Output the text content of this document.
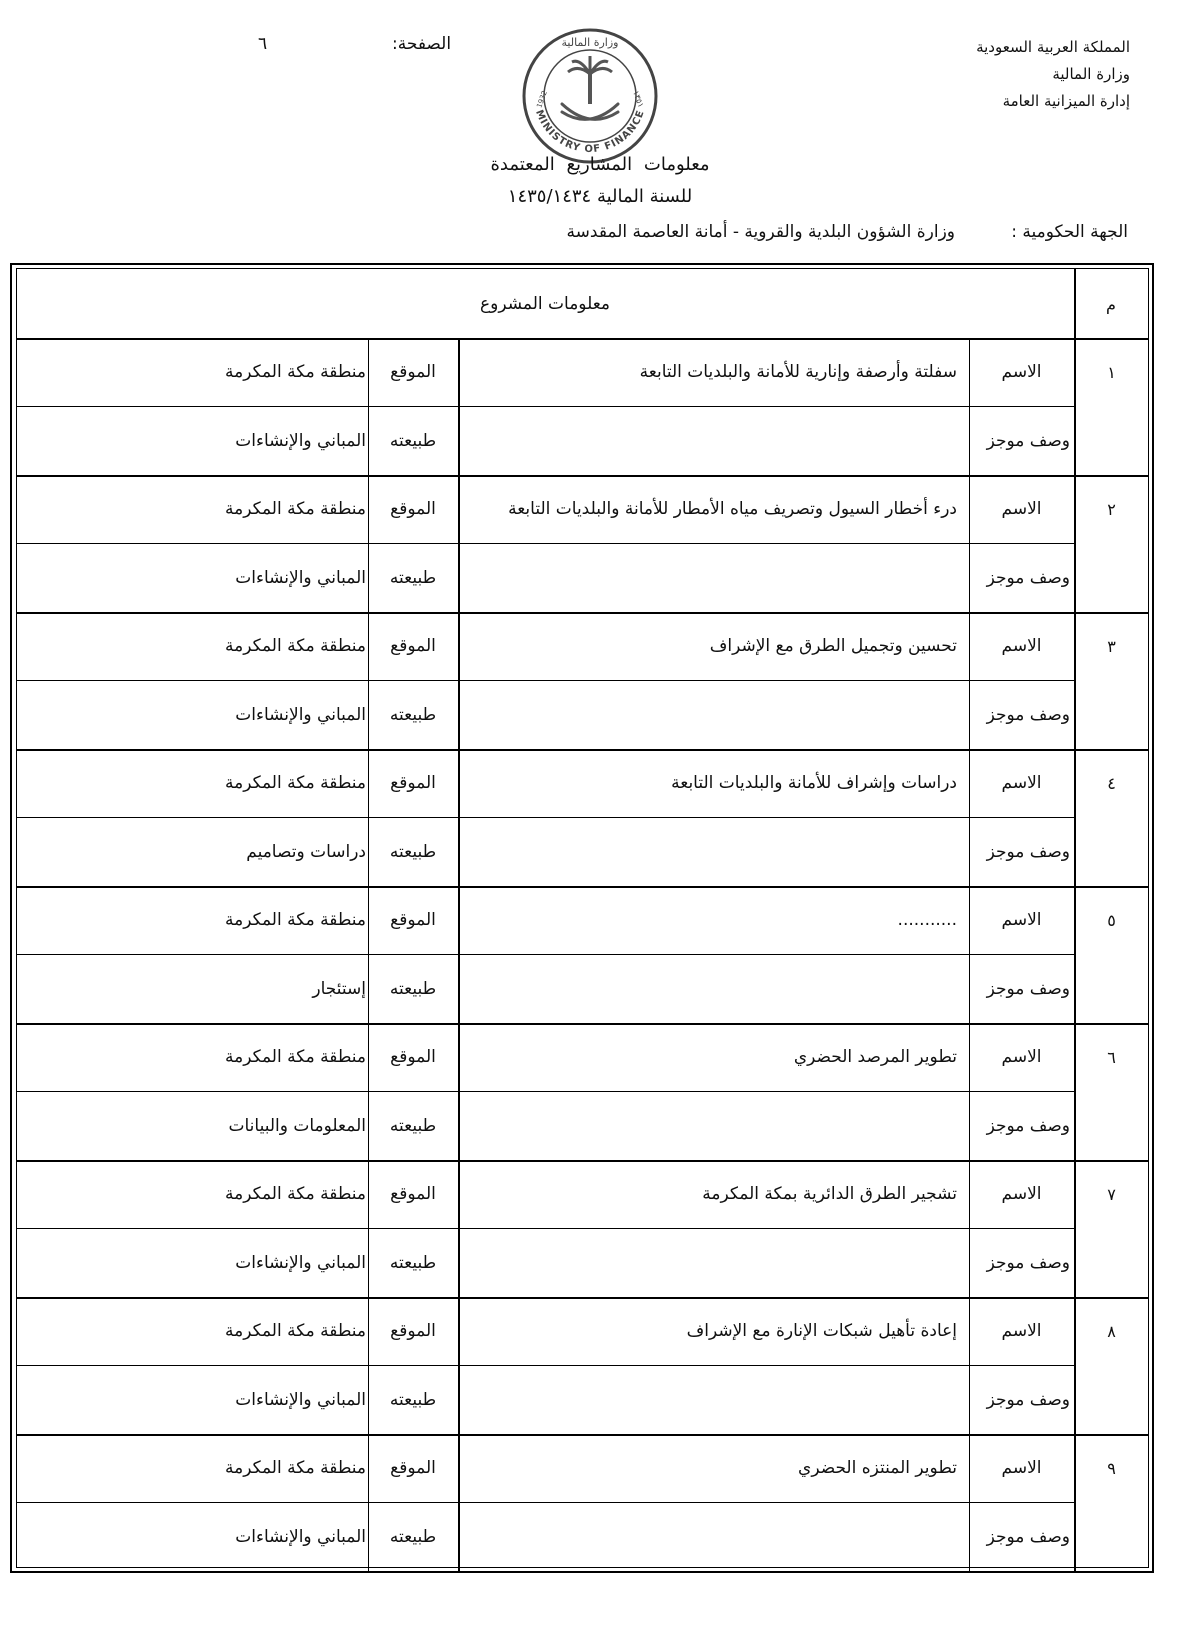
المملكة العربية السعودية
وزارة المالية
إدارة الميزانية العامة
الصفحة:
٦
MINISTRY OF FINANCE
وزارة المالية
1932	١٣٥١
معلومات المشاريع المعتمدة
للسنة المالية ١٤٣٥/١٤٣٤
الجهة الحكومية :
وزارة الشؤون البلدية والقروية - أمانة العاصمة المقدسة
م
معلومات المشروع
١
الاسم
وصف موجز
سفلتة وأرصفة وإنارية للأمانة والبلديات التابعة
الموقع
طبيعته
منطقة مكة المكرمة
المباني والإنشاءات
٢
الاسم
وصف موجز
درء أخطار السيول وتصريف مياه الأمطار للأمانة والبلديات التابعة
الموقع
طبيعته
منطقة مكة المكرمة
المباني والإنشاءات
٣
الاسم
وصف موجز
تحسين وتجميل الطرق مع الإشراف
الموقع
طبيعته
منطقة مكة المكرمة
المباني والإنشاءات
٤
الاسم
وصف موجز
دراسات وإشراف للأمانة والبلديات التابعة
الموقع
طبيعته
منطقة مكة المكرمة
دراسات وتصاميم
٥
الاسم
وصف موجز
...........
الموقع
طبيعته
منطقة مكة المكرمة
إستئجار
٦
الاسم
وصف موجز
تطوير المرصد الحضري
الموقع
طبيعته
منطقة مكة المكرمة
المعلومات والبيانات
٧
الاسم
وصف موجز
تشجير الطرق الدائرية بمكة المكرمة
الموقع
طبيعته
منطقة مكة المكرمة
المباني والإنشاءات
٨
الاسم
وصف موجز
إعادة تأهيل شبكات الإنارة مع الإشراف
الموقع
طبيعته
منطقة مكة المكرمة
المباني والإنشاءات
٩
الاسم
وصف موجز
تطوير المنتزه الحضري
الموقع
طبيعته
منطقة مكة المكرمة
المباني والإنشاءات
